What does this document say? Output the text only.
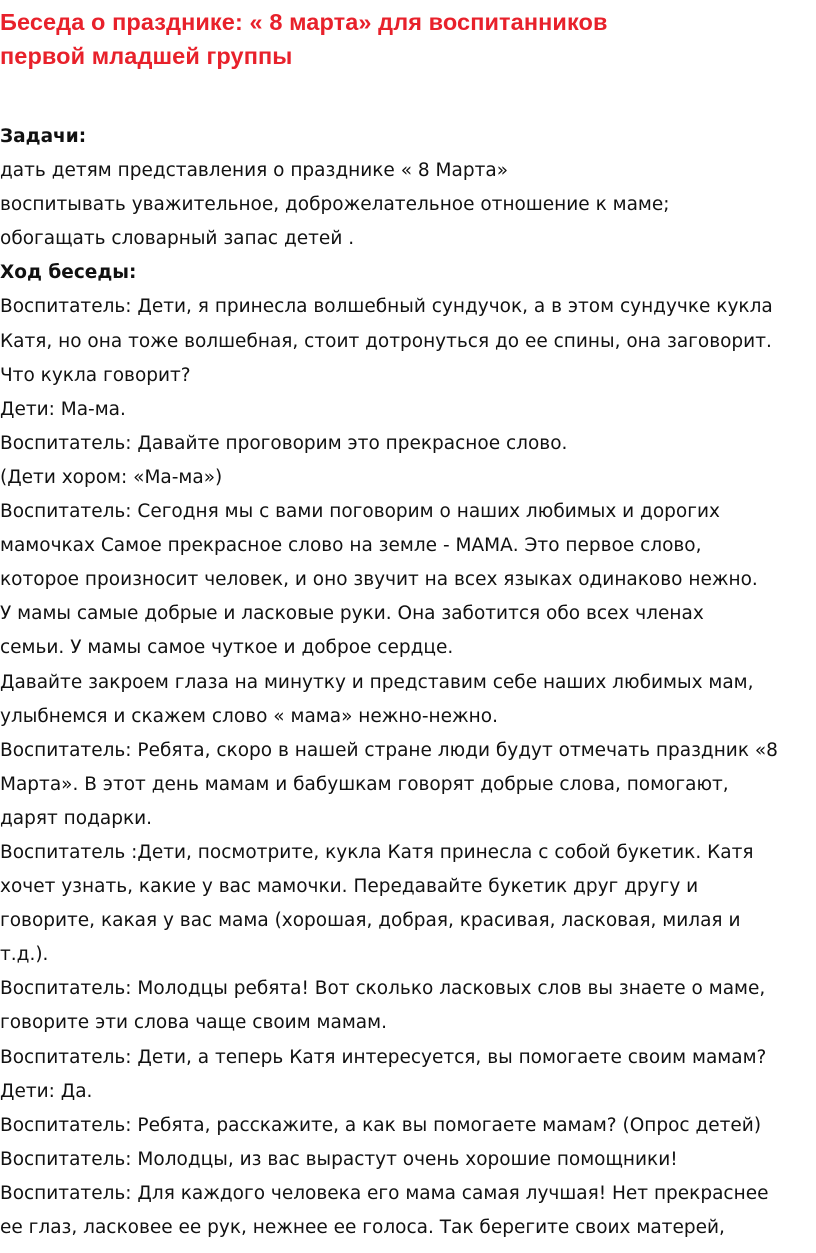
Беседа о празднике: « 8 марта» для воспитанников
первой младшей группы
Задачи:
дать детям представления о празднике « 8 Марта»
воспитывать уважительное, доброжелательное отношение к маме;
обогащать словарный запас детей .
Ход беседы:
Воспитатель: Дети, я принесла волшебный сундучок, а в этом сундучке кукла
Катя, но она тоже волшебная, стоит дотронуться до ее спины, она заговорит.
Что кукла говорит?
Дети: Ма-ма.
Воспитатель: Давайте проговорим это прекрасное слово.
(Дети хором: «Ма-ма»)
Воспитатель: Сегодня мы с вами поговорим о наших любимых и дорогих
мамочках Самое прекрасное слово на земле - МАМА. Это первое слово,
которое произносит человек, и оно звучит на всех языках одинаково нежно.
У мамы самые добрые и ласковые руки. Она заботится обо всех членах
семьи. У мамы самое чуткое и доброе сердце.
Давайте закроем глаза на минутку и представим себе наших любимых мам,
улыбнемся и скажем слово « мама» нежно-нежно.
Воспитатель: Ребята, скоро в нашей стране люди будут отмечать праздник «8
Марта». В этот день мамам и бабушкам говорят добрые слова, помогают,
дарят подарки.
Воспитатель :Дети, посмотрите, кукла Катя принесла с собой букетик. Катя
хочет узнать, какие у вас мамочки. Передавайте букетик друг другу и
говорите, какая у вас мама (хорошая, добрая, красивая, ласковая, милая и
т.д.).
Воспитатель: Молодцы ребята! Вот сколько ласковых слов вы знаете о маме,
говорите эти слова чаще своим мамам.
Воспитатель: Дети, а теперь Катя интересуется, вы помогаете своим мамам?
Дети: Да.
Воспитатель: Ребята, расскажите, а как вы помогаете мамам? (Опрос детей)
Воспитатель: Молодцы, из вас вырастут очень хорошие помощники!
Воспитатель: Для каждого человека его мама самая лучшая! Нет прекраснее
ее глаз, ласковее ее рук, нежнее ее голоса. Так берегите своих матерей,
